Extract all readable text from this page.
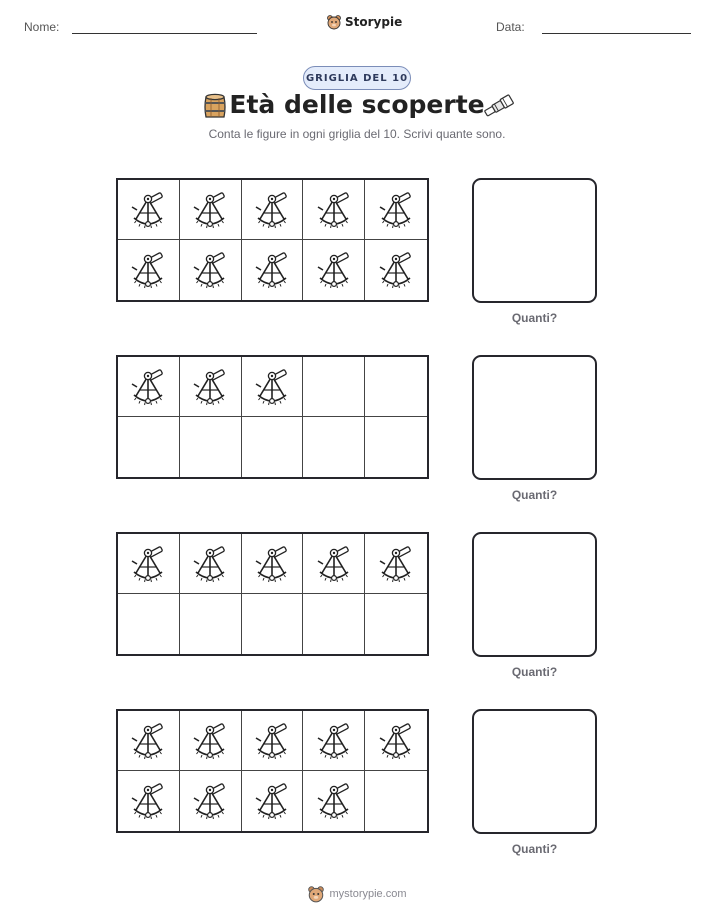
Nome:	Storypie	Data:
GRIGLIA DEL 10
Età delle scoperte
Conta le figure in ogni griglia del 10. Scrivi quante sono.
Quanti?
Quanti?
Quanti?
Quanti?
mystorypie.com
